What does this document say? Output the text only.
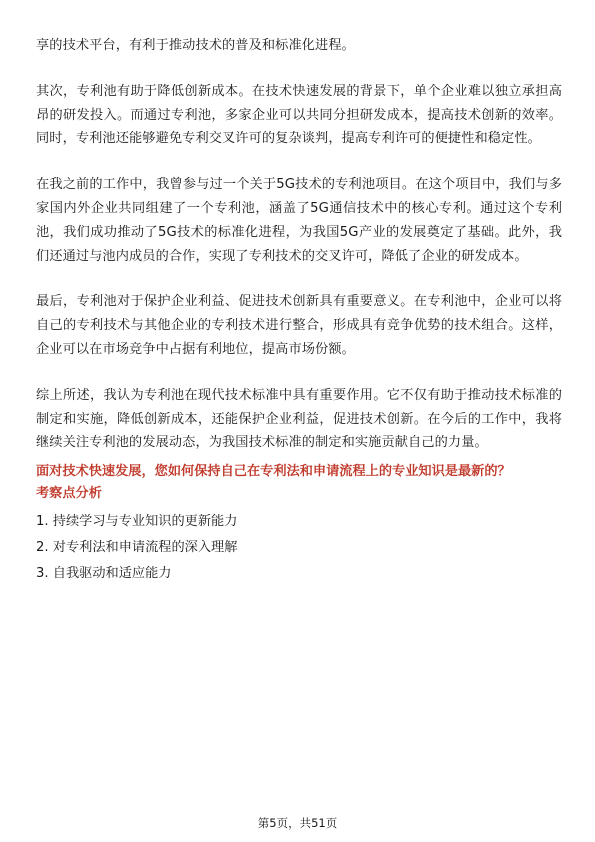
享的技术平台，有利于推动技术的普及和标准化进程。

其次，专利池有助于降低创新成本。在技术快速发展的背景下，单个企业难以独立承担高昂的研发投入。而通过专利池，多家企业可以共同分担研发成本，提高技术创新的效率。同时，专利池还能够避免专利交叉许可的复杂谈判，提高专利许可的便捷性和稳定性。

在我之前的工作中，我曾参与过一个关于5G技术的专利池项目。在这个项目中，我们与多家国内外企业共同组建了一个专利池，涵盖了5G通信技术中的核心专利。通过这个专利池，我们成功推动了5G技术的标准化进程，为我国5G产业的发展奠定了基础。此外，我们还通过与池内成员的合作，实现了专利技术的交叉许可，降低了企业的研发成本。

最后，专利池对于保护企业利益、促进技术创新具有重要意义。在专利池中，企业可以将自己的专利技术与其他企业的专利技术进行整合，形成具有竞争优势的技术组合。这样，企业可以在市场竞争中占据有利地位，提高市场份额。

综上所述，我认为专利池在现代技术标准中具有重要作用。它不仅有助于推动技术标准的制定和实施，降低创新成本，还能保护企业利益，促进技术创新。在今后的工作中，我将继续关注专利池的发展动态，为我国技术标准的制定和实施贡献自己的力量。

面对技术快速发展，您如何保持自己在专利法和申请流程上的专业知识是最新的？

考察点分析

1. 持续学习与专业知识的更新能力
2. 对专利法和申请流程的深入理解
3. 自我驱动和适应能力
第5页，共51页
